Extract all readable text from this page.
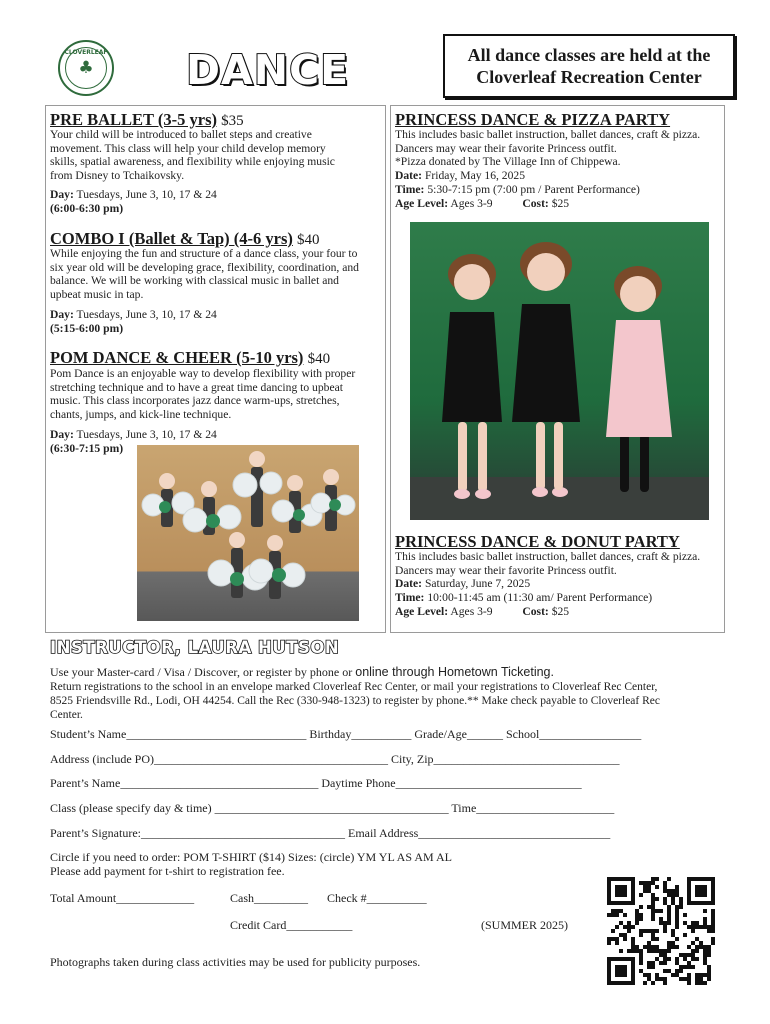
CLOVERLEAF
♣ DANCE	All dance classes are held at the
Cloverleaf Recreation Center
PRE BALLET (3-5 yrs) $35
Your child will be introduced to ballet steps and creative movement. This class will help your child develop memory skills, spatial awareness, and flexibility while enjoying music from Disney to Tchaikovsky.
Day: Tuesdays, June 3, 10, 17 & 24
(6:00-6:30 pm)
COMBO I (Ballet & Tap) (4-6 yrs) $40
While enjoying the fun and structure of a dance class, your four to six year old will be developing grace, flexibility, coordination, and balance. We will be working with classical music in ballet and upbeat music in tap.
Day: Tuesdays, June 3, 10, 17 & 24
(5:15-6:00 pm)
POM DANCE & CHEER (5-10 yrs) $40
Pom Dance is an enjoyable way to develop flexibility with proper stretching technique and to have a great time dancing to upbeat music. This class incorporates jazz dance warm-ups, stretches, chants, jumps, and kick-line technique.
Day: Tuesdays, June 3, 10, 17 & 24
(6:30-7:15 pm)
PRINCESS DANCE & PIZZA PARTY
This includes basic ballet instruction, ballet dances, craft & pizza. Dancers may wear their favorite Princess outfit.
*Pizza donated by The Village Inn of Chippewa.
Date: Friday, May 16, 2025
Time: 5:30-7:15 pm (7:00 pm / Parent Performance)
Age Level: Ages 3-9	Cost: $25
PRINCESS DANCE & DONUT PARTY
This includes basic ballet instruction, ballet dances, craft & pizza. Dancers may wear their favorite Princess outfit.
Date: Saturday, June 7, 2025
Time: 10:00-11:45 am (11:30 am/ Parent Performance)
Age Level: Ages 3-9	Cost: $25
INSTRUCTOR, LAURA HUTSON
Use your Master-card / Visa / Discover, or register by phone or online through Hometown Ticketing.
Return registrations to the school in an envelope marked Cloverleaf Rec Center, or mail your registrations to Cloverleaf Rec Center,
8525 Friendsville Rd., Lodi, OH 44254. Call the Rec (330-948-1323) to register by phone.** Make check payable to Cloverleaf Rec
Center.
Student’s Name______________________________ Birthday__________ Grade/Age______ School_________________
Address (include PO)_______________________________________ City, Zip_______________________________
Parent’s Name_________________________________ Daytime Phone_______________________________
Class (please specify day & time) _______________________________________ Time_______________________
Parent’s Signature:__________________________________ Email Address________________________________
Circle if you need to order: POM T-SHIRT ($14) Sizes: (circle) YM YL AS AM AL
Please add payment for t-shirt to registration fee.
Total Amount_____________	Cash_________ Check #__________
Credit Card___________	(SUMMER 2025)
Photographs taken during class activities may be used for publicity purposes.
